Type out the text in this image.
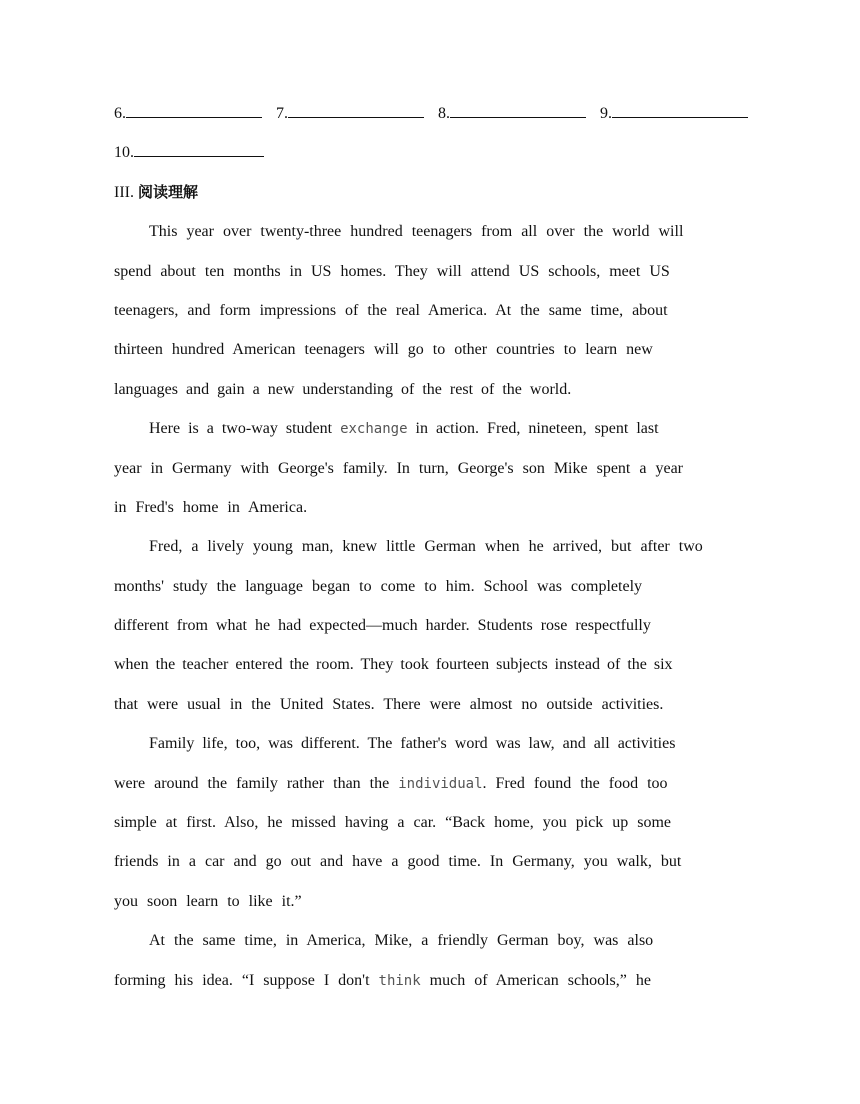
6.	7.	8.	9.
10.
III. 阅读理解
This year over twenty-three hundred teenagers from all over the world will
spend about ten months in US homes. They will attend US schools, meet US
teenagers, and form impressions of the real America. At the same time, about
thirteen hundred American teenagers will go to other countries to learn new
languages and gain a new understanding of the rest of the world.
Here is a two-way student exchange in action. Fred, nineteen, spent last
year in Germany with George's family. In turn, George's son Mike spent a year
in Fred's home in America.
Fred, a lively young man, knew little German when he arrived, but after two
months' study the language began to come to him. School was completely
different from what he had expected—much harder. Students rose respectfully
when the teacher entered the room. They took fourteen subjects instead of the six
that were usual in the United States. There were almost no outside activities.
Family life, too, was different. The father's word was law, and all activities
were around the family rather than the individual. Fred found the food too
simple at first. Also, he missed having a car. “Back home, you pick up some
friends in a car and go out and have a good time. In Germany, you walk, but
you soon learn to like it.”
At the same time, in America, Mike, a friendly German boy, was also
forming his idea. “I suppose I don't think much of American schools,” he
